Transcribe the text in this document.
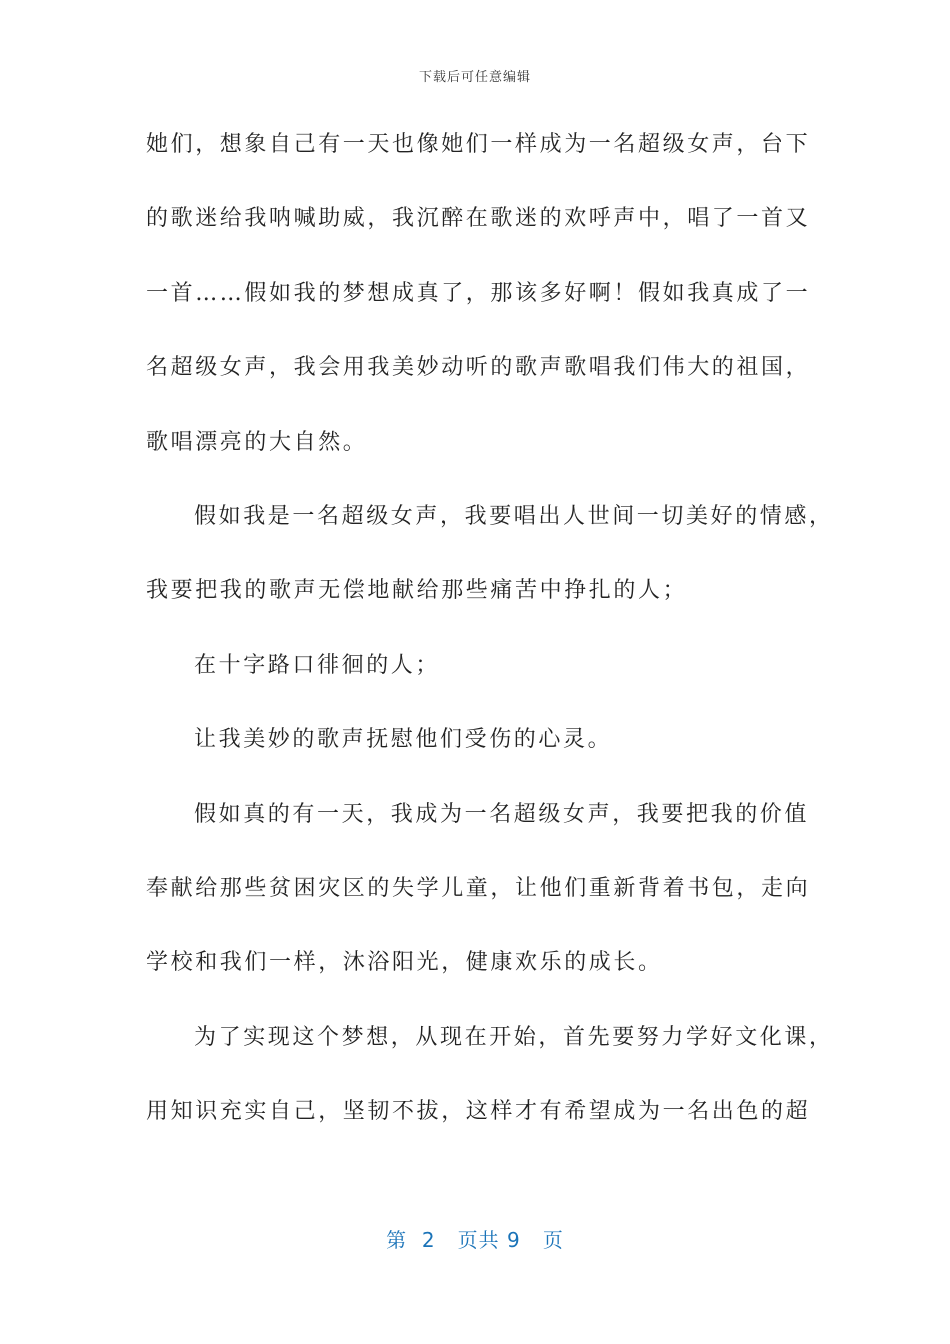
下载后可任意编辑
她们，想象自己有一天也像她们一样成为一名超级女声，台下
的歌迷给我呐喊助威，我沉醉在歌迷的欢呼声中，唱了一首又
一首……假如我的梦想成真了，那该多好啊！假如我真成了一
名超级女声，我会用我美妙动听的歌声歌唱我们伟大的祖国，
歌唱漂亮的大自然。
假如我是一名超级女声，我要唱出人世间一切美好的情感，
我要把我的歌声无偿地献给那些痛苦中挣扎的人；
在十字路口徘徊的人；
让我美妙的歌声抚慰他们受伤的心灵。
假如真的有一天，我成为一名超级女声，我要把我的价值
奉献给那些贫困灾区的失学儿童，让他们重新背着书包，走向
学校和我们一样，沐浴阳光，健康欢乐的成长。
为了实现这个梦想，从现在开始，首先要努力学好文化课，
用知识充实自己，坚韧不拔，这样才有希望成为一名出色的超
第  2   页共 9   页
